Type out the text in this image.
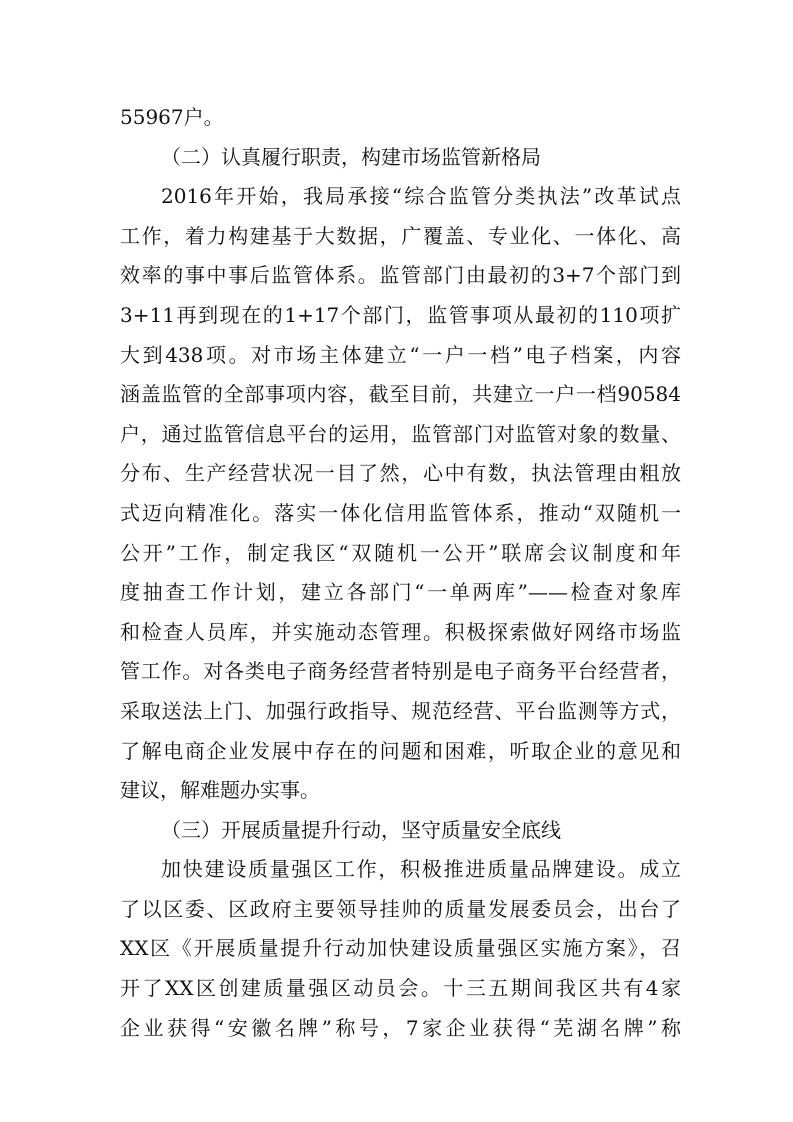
55967户。
（二）认真履行职责，构建市场监管新格局
2016年开始，我局承接“综合监管分类执法”改革试点
工作，着力构建基于大数据，广覆盖、专业化、一体化、高
效率的事中事后监管体系。监管部门由最初的3+7个部门到
3+11再到现在的1+17个部门，监管事项从最初的110项扩
大到438项。对市场主体建立“一户一档”电子档案，内容
涵盖监管的全部事项内容，截至目前，共建立一户一档90584
户，通过监管信息平台的运用，监管部门对监管对象的数量、
分布、生产经营状况一目了然，心中有数，执法管理由粗放
式迈向精准化。落实一体化信用监管体系，推动“双随机一
公开”工作，制定我区“双随机一公开”联席会议制度和年
度抽查工作计划，建立各部门“一单两库”——检查对象库
和检查人员库，并实施动态管理。积极探索做好网络市场监
管工作。对各类电子商务经营者特别是电子商务平台经营者，
采取送法上门、加强行政指导、规范经营、平台监测等方式，
了解电商企业发展中存在的问题和困难，听取企业的意见和
建议，解难题办实事。
（三）开展质量提升行动，坚守质量安全底线
加快建设质量强区工作，积极推进质量品牌建设。成立
了以区委、区政府主要领导挂帅的质量发展委员会，出台了
XX区《开展质量提升行动加快建设质量强区实施方案》，召
开了XX区创建质量强区动员会。十三五期间我区共有4家
企业获得“安徽名牌”称号，7家企业获得“芜湖名牌”称
